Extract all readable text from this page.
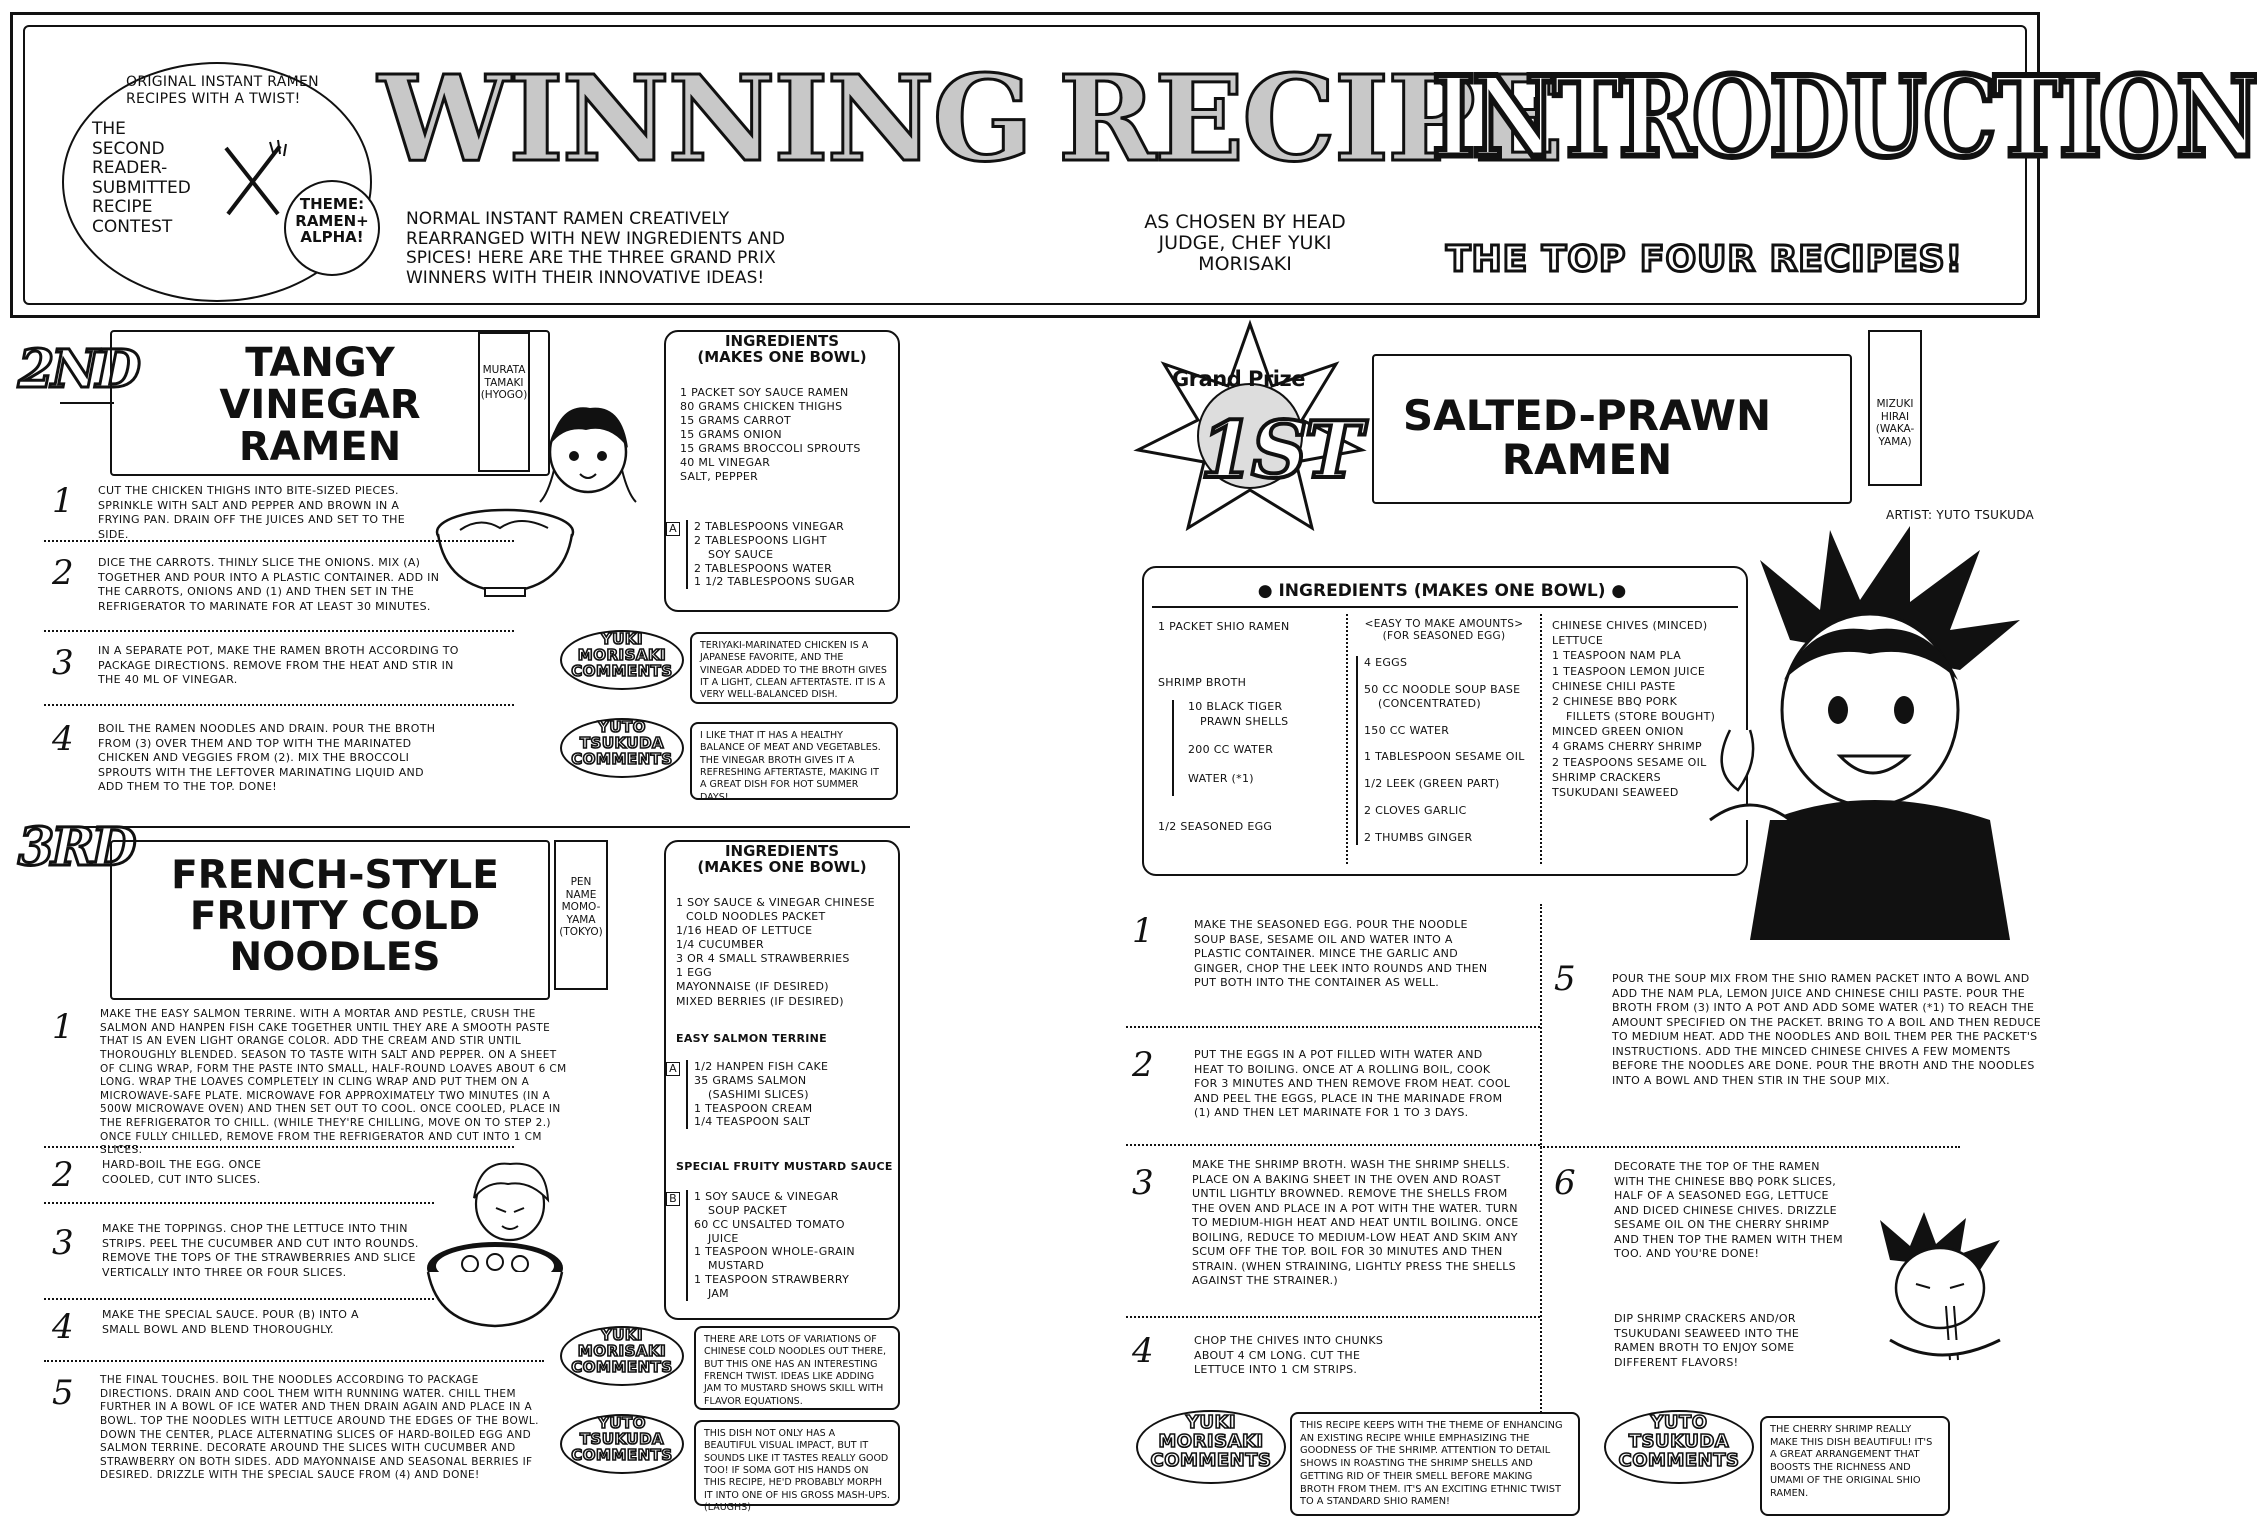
ORIGINAL INSTANT RAMEN RECIPES WITH A TWIST!
THE
SECOND
READER-
SUBMITTED
RECIPE
CONTEST
THEME:
RAMEN+
ALPHA!
WINNING RECIPE
INTRODUCTION
NORMAL INSTANT RAMEN CREATIVELY REARRANGED WITH NEW INGREDIENTS AND SPICES! HERE ARE THE THREE GRAND PRIX WINNERS WITH THEIR INNOVATIVE IDEAS!
AS CHOSEN BY HEAD JUDGE, CHEF YUKI MORISAKI	THE TOP FOUR RECIPES!
2ND	TANGY
VINEGAR
RAMEN
MURATA
TAMAKI
(HYOGO)
INGREDIENTS
(MAKES ONE BOWL)
1 PACKET SOY SAUCE RAMEN
80 GRAMS CHICKEN THIGHS
15 GRAMS CARROT
15 GRAMS ONION
15 GRAMS BROCCOLI SPROUTS
40 ML VINEGAR
SALT, PEPPER
A 2 TABLESPOONS VINEGAR
2 TABLESPOONS LIGHT
SOY SAUCE
2 TABLESPOONS WATER
1 1/2 TABLESPOONS SUGAR
1 CUT THE CHICKEN THIGHS INTO BITE-SIZED PIECES. SPRINKLE WITH SALT AND PEPPER AND BROWN IN A FRYING PAN. DRAIN OFF THE JUICES AND SET TO THE SIDE.
2 DICE THE CARROTS. THINLY SLICE THE ONIONS. MIX (A) TOGETHER AND POUR INTO A PLASTIC CONTAINER. ADD IN THE CARROTS, ONIONS AND (1) AND THEN SET IN THE REFRIGERATOR TO MARINATE FOR AT LEAST 30 MINUTES.
3 IN A SEPARATE POT, MAKE THE RAMEN BROTH ACCORDING TO PACKAGE DIRECTIONS. REMOVE FROM THE HEAT AND STIR IN THE 40 ML OF VINEGAR.
4 BOIL THE RAMEN NOODLES AND DRAIN. POUR THE BROTH FROM (3) OVER THEM AND TOP WITH THE MARINATED CHICKEN AND VEGGIES FROM (2). MIX THE BROCCOLI SPROUTS WITH THE LEFTOVER MARINATING LIQUID AND ADD THEM TO THE TOP. DONE!
YUKI
MORISAKI
COMMENTS
TERIYAKI-MARINATED CHICKEN IS A JAPANESE FAVORITE, AND THE VINEGAR ADDED TO THE BROTH GIVES IT A LIGHT, CLEAN AFTERTASTE. IT IS A VERY WELL-BALANCED DISH.
YUTO
TSUKUDA
COMMENTS
I LIKE THAT IT HAS A HEALTHY BALANCE OF MEAT AND VEGETABLES. THE VINEGAR BROTH GIVES IT A REFRESHING AFTERTASTE, MAKING IT A GREAT DISH FOR HOT SUMMER DAYS!
3RD FRENCH-STYLE
FRUITY COLD
NOODLES
PEN
NAME
MOMO-
YAMA
(TOKYO)
INGREDIENTS
(MAKES ONE BOWL)
1 SOY SAUCE & VINEGAR CHINESE
COLD NOODLES PACKET
1/16 HEAD OF LETTUCE
1/4 CUCUMBER
3 OR 4 SMALL STRAWBERRIES
1 EGG
MAYONNAISE (IF DESIRED)
MIXED BERRIES (IF DESIRED)
EASY SALMON TERRINE
A 1/2 HANPEN FISH CAKE
35 GRAMS SALMON
(SASHIMI SLICES)
1 TEASPOON CREAM
1/4 TEASPOON SALT
SPECIAL FRUITY MUSTARD SAUCE
B 1 SOY SAUCE & VINEGAR
SOUP PACKET
60 CC UNSALTED TOMATO
JUICE
1 TEASPOON WHOLE-GRAIN
MUSTARD
1 TEASPOON STRAWBERRY
JAM
1	MAKE THE EASY SALMON TERRINE. WITH A MORTAR AND PESTLE, CRUSH THE SALMON AND HANPEN FISH CAKE TOGETHER UNTIL THEY ARE A SMOOTH PASTE THAT IS AN EVEN LIGHT ORANGE COLOR. ADD THE CREAM AND STIR UNTIL THOROUGHLY BLENDED. SEASON TO TASTE WITH SALT AND PEPPER. ON A SHEET OF CLING WRAP, FORM THE PASTE INTO SMALL, HALF-ROUND LOAVES ABOUT 6 CM LONG. WRAP THE LOAVES COMPLETELY IN CLING WRAP AND PUT THEM ON A MICROWAVE-SAFE PLATE. MICROWAVE FOR APPROXIMATELY TWO MINUTES (IN A 500W MICROWAVE OVEN) AND THEN SET OUT TO COOL. ONCE COOLED, PLACE IN THE REFRIGERATOR TO CHILL. (WHILE THEY'RE CHILLING, MOVE ON TO STEP 2.) ONCE FULLY CHILLED, REMOVE FROM THE REFRIGERATOR AND CUT INTO 1 CM SLICES.
2	HARD-BOIL THE EGG. ONCE COOLED, CUT INTO SLICES.
3	MAKE THE TOPPINGS. CHOP THE LETTUCE INTO THIN STRIPS. PEEL THE CUCUMBER AND CUT INTO ROUNDS. REMOVE THE TOPS OF THE STRAWBERRIES AND SLICE VERTICALLY INTO THREE OR FOUR SLICES.
4	MAKE THE SPECIAL SAUCE. POUR (B) INTO A SMALL BOWL AND BLEND THOROUGHLY.
5	THE FINAL TOUCHES. BOIL THE NOODLES ACCORDING TO PACKAGE DIRECTIONS. DRAIN AND COOL THEM WITH RUNNING WATER. CHILL THEM FURTHER IN A BOWL OF ICE WATER AND THEN DRAIN AGAIN AND PLACE IN A BOWL. TOP THE NOODLES WITH LETTUCE AROUND THE EDGES OF THE BOWL. DOWN THE CENTER, PLACE ALTERNATING SLICES OF HARD-BOILED EGG AND SALMON TERRINE. DECORATE AROUND THE SLICES WITH CUCUMBER AND STRAWBERRY ON BOTH SIDES. ADD MAYONNAISE AND SEASONAL BERRIES IF DESIRED. DRIZZLE WITH THE SPECIAL SAUCE FROM (4) AND DONE!
YUKI
MORISAKI
COMMENTS
THERE ARE LOTS OF VARIATIONS OF CHINESE COLD NOODLES OUT THERE, BUT THIS ONE HAS AN INTERESTING FRENCH TWIST. IDEAS LIKE ADDING JAM TO MUSTARD SHOWS SKILL WITH FLAVOR EQUATIONS.
YUTO
TSUKUDA
COMMENTS
THIS DISH NOT ONLY HAS A BEAUTIFUL VISUAL IMPACT, BUT IT SOUNDS LIKE IT TASTES REALLY GOOD TOO! IF SOMA GOT HIS HANDS ON THIS RECIPE, HE'D PROBABLY MORPH IT INTO ONE OF HIS GROSS MASH-UPS. (LAUGHS)
Grand Prize
1ST SALTED-PRAWN
RAMEN
MIZUKI
HIRAI
(WAKA-
YAMA)
ARTIST: YUTO TSUKUDA
● INGREDIENTS (MAKES ONE BOWL) ●
1 PACKET SHIO RAMEN
SHRIMP BROTH
10 BLACK TIGER
PRAWN SHELLS
200 CC WATER
WATER (*1)
1/2 SEASONED EGG
<EASY TO MAKE AMOUNTS>
(FOR SEASONED EGG)
4 EGGS
50 CC NOODLE SOUP BASE
(CONCENTRATED)
150 CC WATER
1 TABLESPOON SESAME OIL
1/2 LEEK (GREEN PART)
2 CLOVES GARLIC
2 THUMBS GINGER
CHINESE CHIVES (MINCED)
LETTUCE
1 TEASPOON NAM PLA
1 TEASPOON LEMON JUICE
CHINESE CHILI PASTE
2 CHINESE BBQ PORK
FILLETS (STORE BOUGHT)
MINCED GREEN ONION
4 GRAMS CHERRY SHRIMP
2 TEASPOONS SESAME OIL
SHRIMP CRACKERS
TSUKUDANI SEAWEED
1	MAKE THE SEASONED EGG. POUR THE NOODLE SOUP BASE, SESAME OIL AND WATER INTO A PLASTIC CONTAINER. MINCE THE GARLIC AND GINGER, CHOP THE LEEK INTO ROUNDS AND THEN PUT BOTH INTO THE CONTAINER AS WELL.
2	PUT THE EGGS IN A POT FILLED WITH WATER AND HEAT TO BOILING. ONCE AT A ROLLING BOIL, COOK FOR 3 MINUTES AND THEN REMOVE FROM HEAT. COOL AND PEEL THE EGGS, PLACE IN THE MARINADE FROM (1) AND THEN LET MARINATE FOR 1 TO 3 DAYS.
3	MAKE THE SHRIMP BROTH. WASH THE SHRIMP SHELLS. PLACE ON A BAKING SHEET IN THE OVEN AND ROAST UNTIL LIGHTLY BROWNED. REMOVE THE SHELLS FROM THE OVEN AND PLACE IN A POT WITH THE WATER. TURN TO MEDIUM-HIGH HEAT AND HEAT UNTIL BOILING. ONCE BOILING, REDUCE TO MEDIUM-LOW HEAT AND SKIM ANY SCUM OFF THE TOP. BOIL FOR 30 MINUTES AND THEN STRAIN. (WHEN STRAINING, LIGHTLY PRESS THE SHELLS AGAINST THE STRAINER.)
4	CHOP THE CHIVES INTO CHUNKS ABOUT 4 CM LONG. CUT THE LETTUCE INTO 1 CM STRIPS.
5	POUR THE SOUP MIX FROM THE SHIO RAMEN PACKET INTO A BOWL AND ADD THE NAM PLA, LEMON JUICE AND CHINESE CHILI PASTE. POUR THE BROTH FROM (3) INTO A POT AND ADD SOME WATER (*1) TO REACH THE AMOUNT SPECIFIED ON THE PACKET. BRING TO A BOIL AND THEN REDUCE TO MEDIUM HEAT. ADD THE NOODLES AND BOIL THEM PER THE PACKET'S INSTRUCTIONS. ADD THE MINCED CHINESE CHIVES A FEW MOMENTS BEFORE THE NOODLES ARE DONE. POUR THE BROTH AND THE NOODLES INTO A BOWL AND THEN STIR IN THE SOUP MIX.
6	DECORATE THE TOP OF THE RAMEN WITH THE CHINESE BBQ PORK SLICES, HALF OF A SEASONED EGG, LETTUCE AND DICED CHINESE CHIVES. DRIZZLE SESAME OIL ON THE CHERRY SHRIMP AND THEN TOP THE RAMEN WITH THEM TOO. AND YOU'RE DONE!
DIP SHRIMP CRACKERS AND/OR TSUKUDANI SEAWEED INTO THE RAMEN BROTH TO ENJOY SOME DIFFERENT FLAVORS!
YUKI
MORISAKI
COMMENTS
THIS RECIPE KEEPS WITH THE THEME OF ENHANCING AN EXISTING RECIPE WHILE EMPHASIZING THE GOODNESS OF THE SHRIMP. ATTENTION TO DETAIL SHOWS IN ROASTING THE SHRIMP SHELLS AND GETTING RID OF THEIR SMELL BEFORE MAKING BROTH FROM THEM. IT'S AN EXCITING ETHNIC TWIST TO A STANDARD SHIO RAMEN!
YUTO
TSUKUDA
COMMENTS
THE CHERRY SHRIMP REALLY MAKE THIS DISH BEAUTIFUL! IT'S A GREAT ARRANGEMENT THAT BOOSTS THE RICHNESS AND UMAMI OF THE ORIGINAL SHIO RAMEN.
